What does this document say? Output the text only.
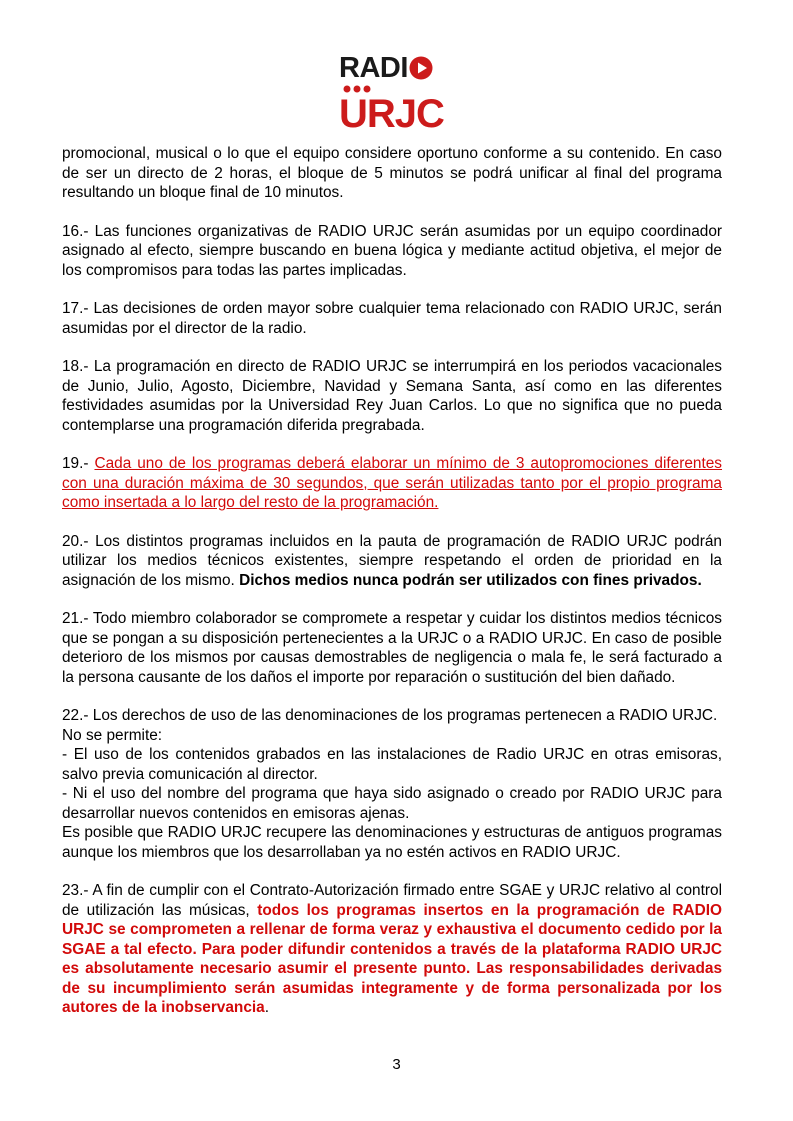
RADI
URJC

promocional, musical o lo que el equipo considere oportuno conforme a su contenido. En caso de ser un directo de 2 horas, el bloque de 5 minutos se podrá unificar al final del programa resultando un bloque final de 10 minutos.

16.- Las funciones organizativas de RADIO URJC serán asumidas por un equipo coordinador asignado al efecto, siempre buscando en buena lógica y mediante actitud objetiva, el mejor de los compromisos para todas las partes implicadas.

17.- Las decisiones de orden mayor sobre cualquier tema relacionado con RADIO URJC, serán asumidas por el director de la radio.

18.- La programación en directo de RADIO URJC se interrumpirá en los periodos vacacionales de Junio, Julio, Agosto, Diciembre, Navidad y Semana Santa, así como en las diferentes festividades asumidas por la Universidad Rey Juan Carlos. Lo que no significa que no pueda contemplarse una programación diferida pregrabada.

19.- Cada uno de los programas deberá elaborar un mínimo de 3 autopromociones diferentes con una duración máxima de 30 segundos, que serán utilizadas tanto por el propio programa como insertada a lo largo del resto de la programación.

20.- Los distintos programas incluidos en la pauta de programación de RADIO URJC podrán utilizar los medios técnicos existentes, siempre respetando el orden de prioridad en la asignación de los mismo. Dichos medios nunca podrán ser utilizados con fines privados.

21.- Todo miembro colaborador se compromete a respetar y cuidar los distintos medios técnicos que se pongan a su disposición pertenecientes a la URJC o a RADIO URJC. En caso de posible deterioro de los mismos por causas demostrables de negligencia o mala fe, le será facturado a la persona causante de los daños el importe por reparación o sustitución del bien dañado.

22.- Los derechos de uso de las denominaciones de los programas pertenecen a RADIO URJC.

No se permite:

- El uso de los contenidos grabados en las instalaciones de Radio URJC en otras emisoras, salvo previa comunicación al director.

- Ni el uso del nombre del programa que haya sido asignado o creado por RADIO URJC para desarrollar nuevos contenidos en emisoras ajenas.

Es posible que RADIO URJC recupere las denominaciones y estructuras de antiguos programas aunque los miembros que los desarrollaban ya no estén activos en RADIO URJC.

23.- A fin de cumplir con el Contrato-Autorización firmado entre SGAE y URJC relativo al control de utilización las músicas, todos los programas insertos en la programación de RADIO URJC se comprometen a rellenar de forma veraz y exhaustiva el documento cedido por la SGAE a tal efecto. Para poder difundir contenidos a través de la plataforma RADIO URJC es absolutamente necesario asumir el presente punto. Las responsabilidades derivadas de su incumplimiento serán asumidas integramente y de forma personalizada por los autores de la inobservancia.

3
